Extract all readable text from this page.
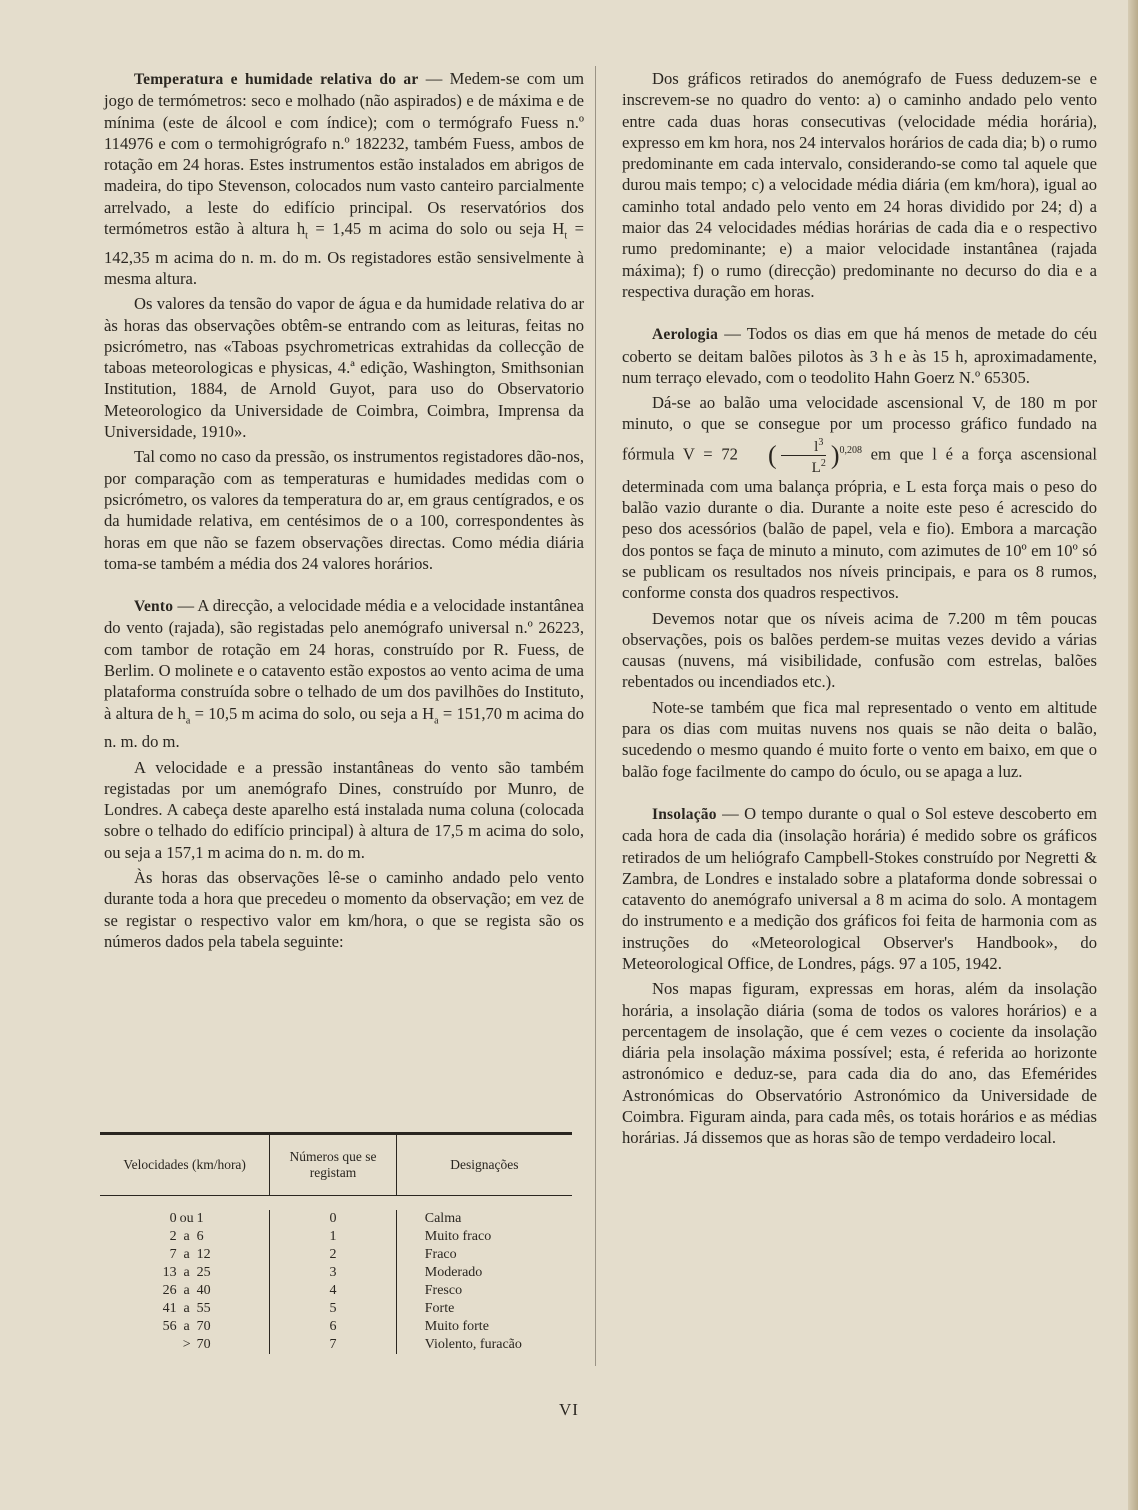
Temperatura e humidade relativa do ar — Medem-se com um jogo de termómetros: seco e molhado (não aspirados) e de máxima e de mínima (este de álcool e com índice); com o termógrafo Fuess n.º 114976 e com o termohigrógrafo n.º 182232, também Fuess, ambos de rotação em 24 horas. Estes instrumentos estão instalados em abrigos de madeira, do tipo Stevenson, colocados num vasto canteiro parcialmente arrelvado, a leste do edifício principal. Os reservatórios dos termómetros estão à altura $h_t = 1,45$ m acima do solo ou seja $H_t = 142,35$ m acima do n. m. do m. Os registadores estão sensivelmente à mesma altura.

Os valores da tensão do vapor de água e da humidade relativa do ar às horas das observações obtêm-se entrando com as leituras, feitas no psicrómetro, nas «Taboas psychrometricas extrahidas da collecção de taboas meteorologicas e physicas, 4.ª edição, Washington, Smithsonian Institution, 1884, de Arnold Guyot, para uso do Observatorio Meteorologico da Universidade de Coimbra, Coimbra, Imprensa da Universidade, 1910».

Tal como no caso da pressão, os instrumentos registadores dão-nos, por comparação com as temperaturas e humidades medidas com o psicrómetro, os valores da temperatura do ar, em graus centígrados, e os da humidade relativa, em centésimos de o a 100, correspondentes às horas em que não se fazem observações directas. Como média diária toma-se também a média dos 24 valores horários.

Vento — A direcção, a velocidade média e a velocidade instantânea do vento (rajada), são registadas pelo anemógrafo universal n.º 26223, com tambor de rotação em 24 horas, construído por R. Fuess, de Berlim. O molinete e o catavento estão expostos ao vento acima de uma plataforma construída sobre o telhado de um dos pavilhões do Instituto, à altura de $h_a = 10,5$ m acima do solo, ou seja a $H_a = 151,70$ m acima do n. m. do m.

A velocidade e a pressão instantâneas do vento são também registadas por um anemógrafo Dines, construído por Munro, de Londres. A cabeça deste aparelho está instalada numa coluna (colocada sobre o telhado do edifício principal) à altura de 17,5 m acima do solo, ou seja a 157,1 m acima do n. m. do m.

Às horas das observações lê-se o caminho andado pelo vento durante toda a hora que precedeu o momento da observação; em vez de se registar o respectivo valor em km/hora, o que se regista são os números dados pela tabela seguinte:

Velocidades (km/hora)
Números que se registam
Designações
0 ou 1
2 a 6
7 a 12
13 a 25
26 a 40
41 a 55
56 a 70
> 70
0
1
2
3
4
5
6
7
Calma
Muito fraco
Fraco
Moderado
Fresco
Forte
Muito forte
Violento, furacão

Dos gráficos retirados do anemógrafo de Fuess deduzem-se e inscrevem-se no quadro do vento: a) o caminho andado pelo vento entre cada duas horas consecutivas (velocidade média horária), expresso em km hora, nos 24 intervalos horários de cada dia; b) o rumo predominante em cada intervalo, considerando-se como tal aquele que durou mais tempo; c) a velocidade média diária (em km/hora), igual ao caminho total andado pelo vento em 24 horas dividido por 24; d) a maior das 24 velocidades médias horárias de cada dia e o respectivo rumo predominante; e) a maior velocidade instantânea (rajada máxima); f) o rumo (direcção) predominante no decurso do dia e a respectiva duração em horas.

Aerologia — Todos os dias em que há menos de metade do céu coberto se deitam balões pilotos às 3 h e às 15 h, aproximadamente, num terraço elevado, com o teodolito Hahn Goerz N.º 65305.

Dá-se ao balão uma velocidade ascensional V, de 180 m por minuto, o que se consegue por um processo gráfico fundado na fórmula V = 72 ( $\frac{l^3}{L^2} )^{0,208}$ em que l é a força ascensional determinada com uma balança própria, e L esta força mais o peso do balão vazio durante o dia. Durante a noite este peso é acrescido do peso dos acessórios (balão de papel, vela e fio). Embora a marcação dos pontos se faça de minuto a minuto, com azimutes de 10º em 10º só se publicam os resultados nos níveis principais, e para os 8 rumos, conforme consta dos quadros respectivos.

Devemos notar que os níveis acima de 7.200 m têm poucas observações, pois os balões perdem-se muitas vezes devido a várias causas (nuvens, má visibilidade, confusão com estrelas, balões rebentados ou incendiados etc.).

Note-se também que fica mal representado o vento em altitude para os dias com muitas nuvens nos quais se não deita o balão, sucedendo o mesmo quando é muito forte o vento em baixo, em que o balão foge facilmente do campo do óculo, ou se apaga a luz.

Insolação — O tempo durante o qual o Sol esteve descoberto em cada hora de cada dia (insolação horária) é medido sobre os gráficos retirados de um heliógrafo Campbell-Stokes construído por Negretti & Zambra, de Londres e instalado sobre a plataforma donde sobressai o catavento do anemógrafo universal a 8 m acima do solo. A montagem do instrumento e a medição dos gráficos foi feita de harmonia com as instruções do «Meteorological Observer's Handbook», do Meteorological Office, de Londres, págs. 97 a 105, 1942.

Nos mapas figuram, expressas em horas, além da insolação horária, a insolação diária (soma de todos os valores horários) e a percentagem de insolação, que é cem vezes o cociente da insolação diária pela insolação máxima possível; esta, é referida ao horizonte astronómico e deduz-se, para cada dia do ano, das Efemérides Astronómicas do Observatório Astronómico da Universidade de Coimbra. Figuram ainda, para cada mês, os totais horários e as médias horárias. Já dissemos que as horas são de tempo verdadeiro local.

VI
